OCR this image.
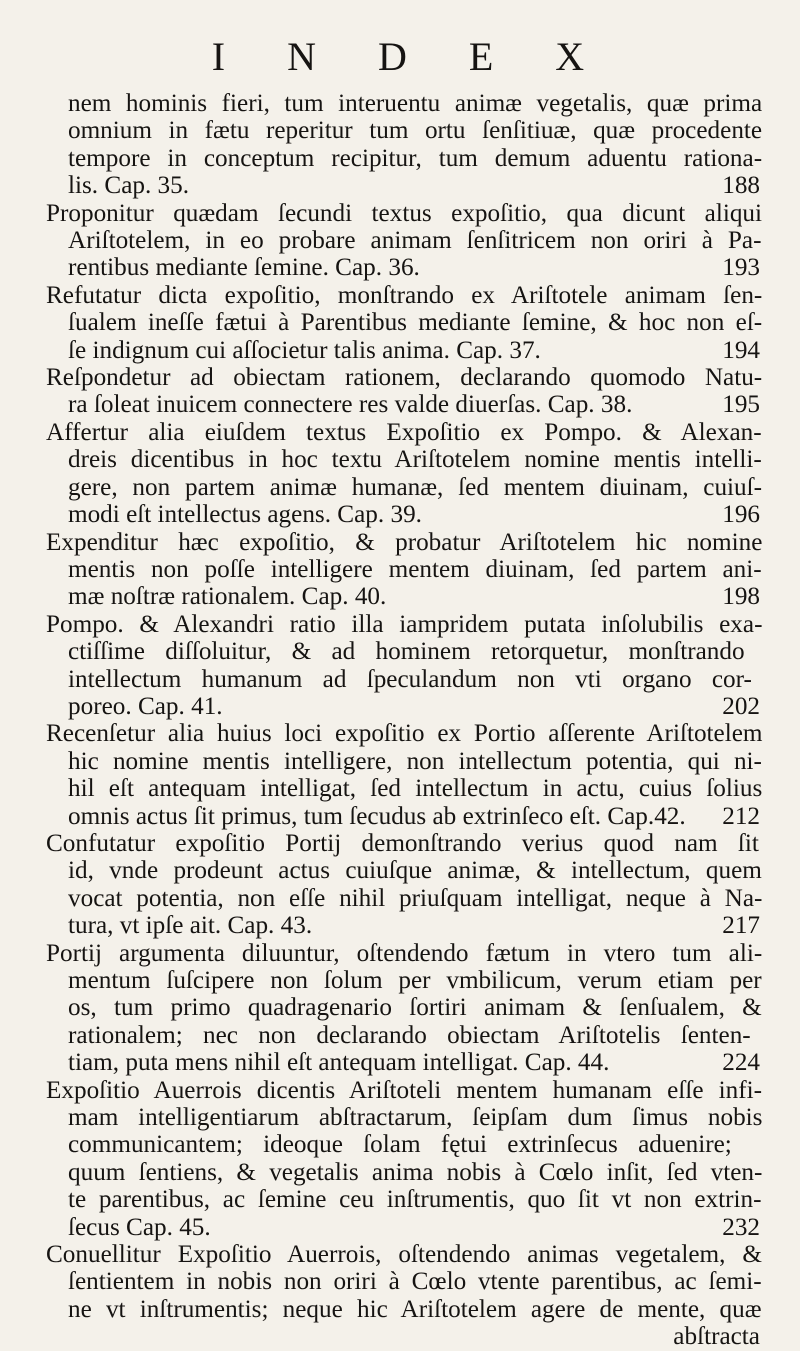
I N D E X
nem hominis fieri, tum interuentu animæ vegetalis, quæ prima
omnium in fætu reperitur tum ortu ſenſitiuæ, quæ procedente
tempore in conceptum recipitur, tum demum aduentu rationa-
lis. Cap. 35.	188
Proponitur quædam ſecundi textus expoſitio, qua dicunt aliqui
Ariſtotelem, in eo probare animam ſenſitricem non oriri à Pa-
rentibus mediante ſemine. Cap. 36.	193
Refutatur dicta expoſitio, monſtrando ex Ariſtotele animam ſen-
ſualem ineſſe fætui à Parentibus mediante ſemine, & hoc non eſ-
ſe indignum cui aſſocietur talis anima. Cap. 37.	194
Reſpondetur ad obiectam rationem, declarando quomodo Natu-
ra ſoleat inuicem connectere res valde diuerſas. Cap. 38.	195
Affertur alia eiuſdem textus Expoſitio ex Pompo. & Alexan-
dreis dicentibus in hoc textu Ariſtotelem nomine mentis intelli-
gere, non partem animæ humanæ, ſed mentem diuinam, cuiuſ-
modi eſt intellectus agens. Cap. 39.	196
Expenditur hæc expoſitio, & probatur Ariſtotelem hic nomine
mentis non poſſe intelligere mentem diuinam, ſed partem ani-
mæ noſtræ rationalem. Cap. 40.	198
Pompo. & Alexandri ratio illa iampridem putata inſolubilis exa-
ctiſſime diſſoluitur, & ad hominem retorquetur, monſtrando
intellectum humanum ad ſpeculandum non vti organo cor-
poreo. Cap. 41.	202
Recenſetur alia huius loci expoſitio ex Portio aſſerente Ariſtotelem
hic nomine mentis intelligere, non intellectum potentia, qui ni-
hil eſt antequam intelligat, ſed intellectum in actu, cuius ſolius
omnis actus ſit primus, tum ſecudus ab extrinſeco eſt. Cap.42. 212
Confutatur expoſitio Portij demonſtrando verius quod nam ſit
id, vnde prodeunt actus cuiuſque animæ, & intellectum, quem
vocat potentia, non eſſe nihil priuſquam intelligat, neque à Na-
tura, vt ipſe ait. Cap. 43.	217
Portij argumenta diluuntur, oſtendendo fætum in vtero tum ali-
mentum ſuſcipere non ſolum per vmbilicum, verum etiam per
os, tum primo quadragenario ſortiri animam & ſenſualem, &
rationalem; nec non declarando obiectam Ariſtotelis ſenten-
tiam, puta mens nihil eſt antequam intelligat. Cap. 44.	224
Expoſitio Auerrois dicentis Ariſtoteli mentem humanam eſſe infi-
mam intelligentiarum abſtractarum, ſeipſam dum ſimus nobis
communicantem; ideoque ſolam fętui extrinſecus aduenire;
quum ſentiens, & vegetalis anima nobis à Cœlo inſit, ſed vten-
te parentibus, ac ſemine ceu inſtrumentis, quo ſit vt non extrin-
ſecus Cap. 45.	232
Conuellitur Expoſitio Auerrois, oſtendendo animas vegetalem, &
ſentientem in nobis non oriri à Cœlo vtente parentibus, ac ſemi-
ne vt inſtrumentis; neque hic Ariſtotelem agere de mente, quæ
abſtracta
